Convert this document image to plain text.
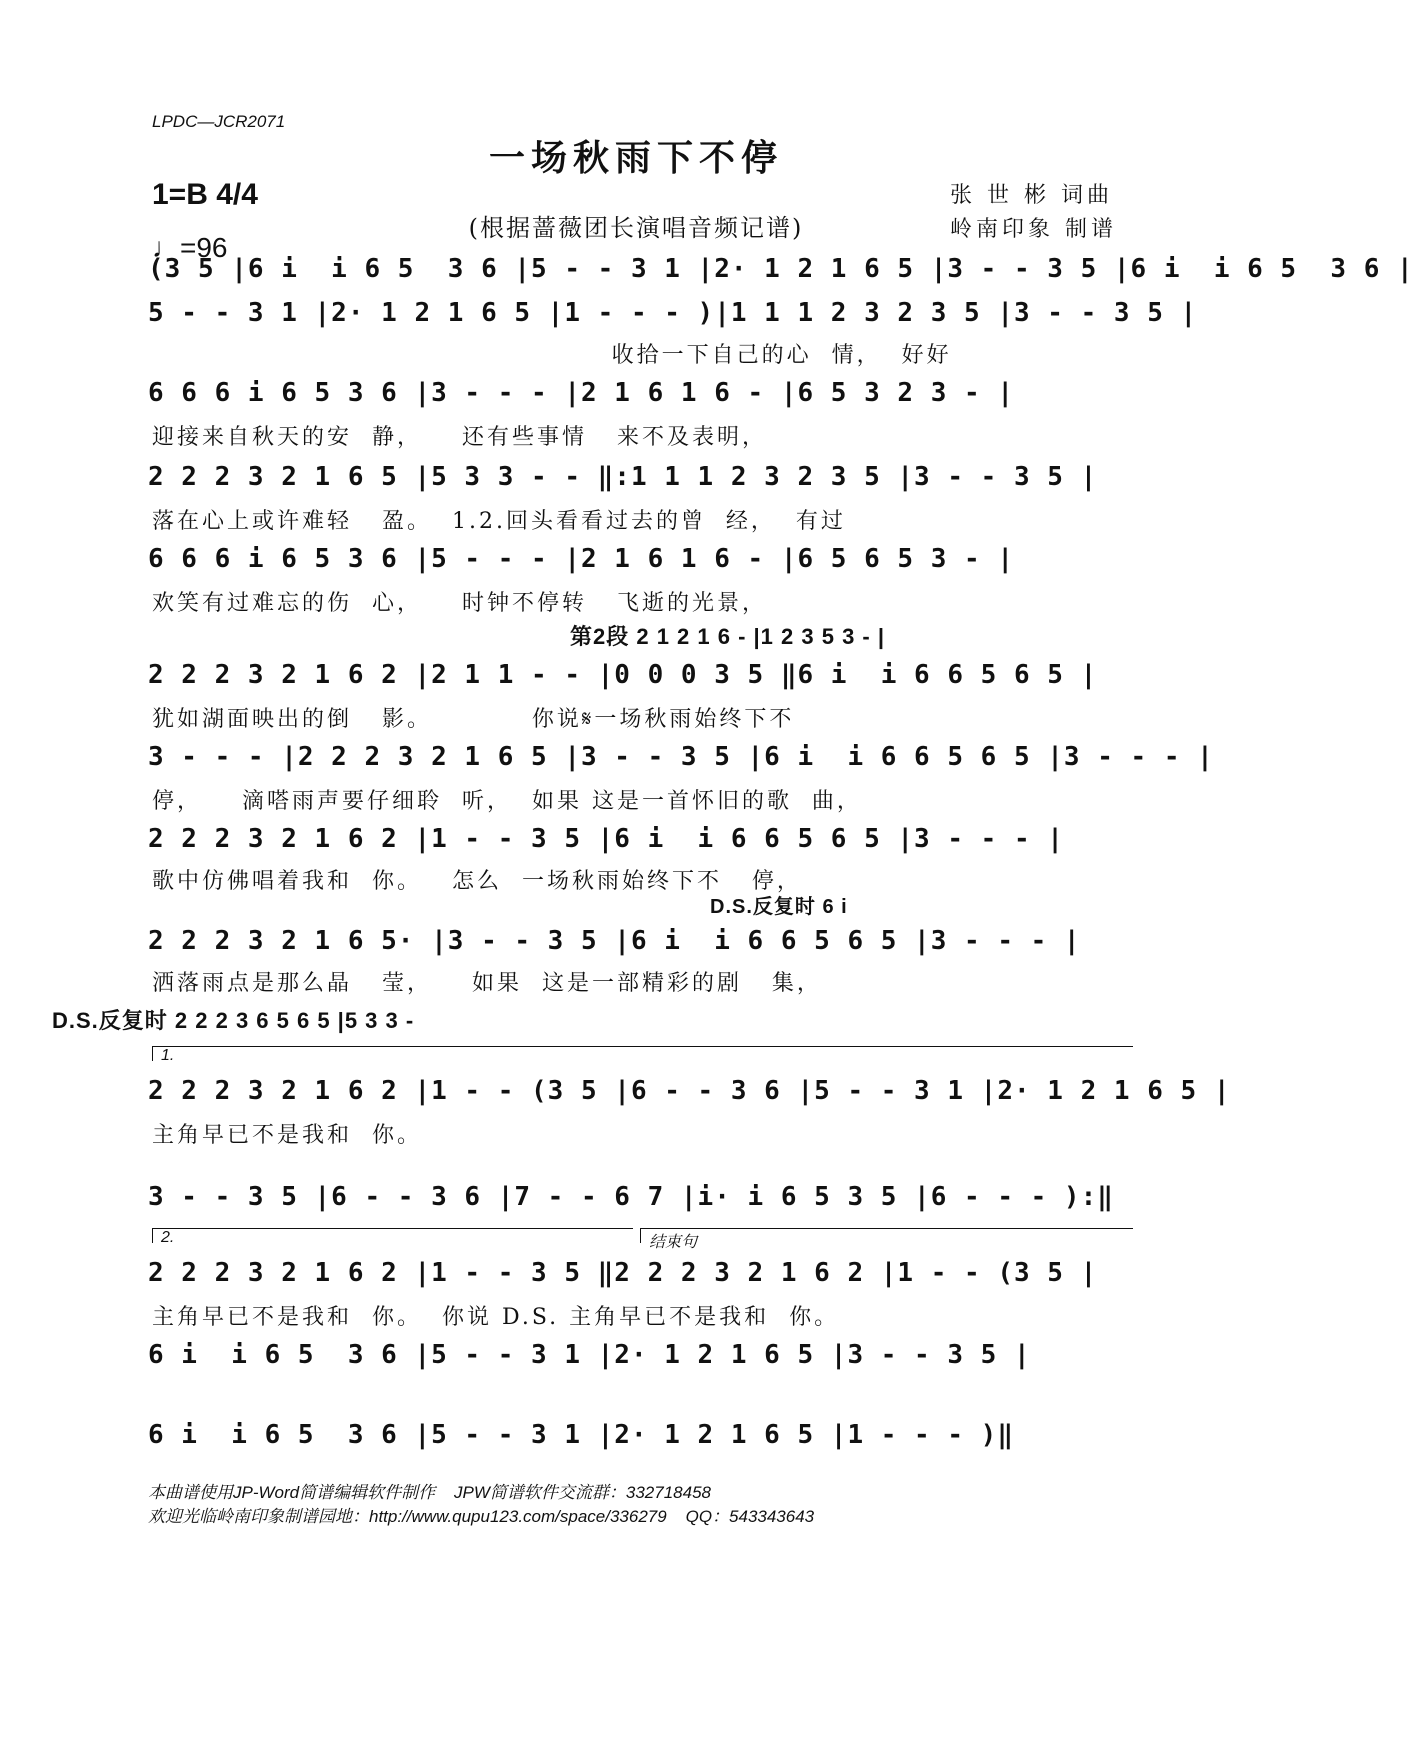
LPDC—JCR2071
一场秋雨下不停
1=B 4/4
♩=96
(根据蔷薇团长演唱音频记谱)
张 世 彬 词曲
岭南印象 制谱
(3 5 |6 i  i 6 5  3 6 |5 - - 3 1 |2· 1 2 1 6 5 |3 - - 3 5 |6 i  i 6 5  3 6 |
5 - - 3 1 |2· 1 2 1 6 5 |1 - - - )|1 1 1 2 3 2 3 5 |3 - - 3 5 |
收拾一下自己的心  情，  好好
6 6 6 i 6 5 3 6 |3 - - - |2 1 6 1 6 - |6 5 3 2 3 - |
迎接来自秋天的安  静，    还有些事情   来不及表明，
2 2 2 3 2 1 6 5 |5 3 3 - - ‖:1 1 1 2 3 2 3 5 |3 - - 3 5 |
落在心上或许难轻   盈。  1.2.回头看看过去的曾  经，  有过
6 6 6 i 6 5 3 6 |5 - - - |2 1 6 1 6 - |6 5 6 5 3 - |
欢笑有过难忘的伤  心，    时钟不停转   飞逝的光景，
第2段 2 1 2 1 6 - |1 2 3 5 3 - |
2 2 2 3 2 1 6 2 |2 1 1 - - |0 0 0 3 5 ‖6 i  i 6 6 5 6 5 |
犹如湖面映出的倒   影。          你说𝄋一场秋雨始终下不
3 - - - |2 2 2 3 2 1 6 5 |3 - - 3 5 |6 i  i 6 6 5 6 5 |3 - - - |
停，    滴嗒雨声要仔细聆  听，  如果 这是一首怀旧的歌  曲，
2 2 2 3 2 1 6 2 |1 - - 3 5 |6 i  i 6 6 5 6 5 |3 - - - |
歌中仿佛唱着我和  你。   怎么  一场秋雨始终下不   停，
D.S.反复时 6 i
2 2 2 3 2 1 6 5· |3 - - 3 5 |6 i  i 6 6 5 6 5 |3 - - - |
洒落雨点是那么晶   莹，    如果  这是一部精彩的剧   集，
D.S.反复时 2 2 2 3 6 5 6 5 |5 3 3 -
1.
2 2 2 3 2 1 6 2 |1 - - (3 5 |6 - - 3 6 |5 - - 3 1 |2· 1 2 1 6 5 |
主角早已不是我和  你。
3 - - 3 5 |6 - - 3 6 |7 - - 6 7 |i· i 6 5 3 5 |6 - - - ):‖
2.	结束句
2 2 2 3 2 1 6 2 |1 - - 3 5 ‖2 2 2 3 2 1 6 2 |1 - - (3 5 |
主角早已不是我和  你。  你说 D.S. 主角早已不是我和  你。
6 i  i 6 5  3 6 |5 - - 3 1 |2· 1 2 1 6 5 |3 - - 3 5 |
6 i  i 6 5  3 6 |5 - - 3 1 |2· 1 2 1 6 5 |1 - - - )‖
本曲谱使用JP-Word简谱编辑软件制作    JPW简谱软件交流群：332718458
欢迎光临岭南印象制谱园地：http://www.qupu123.com/space/336279    QQ：543343643
